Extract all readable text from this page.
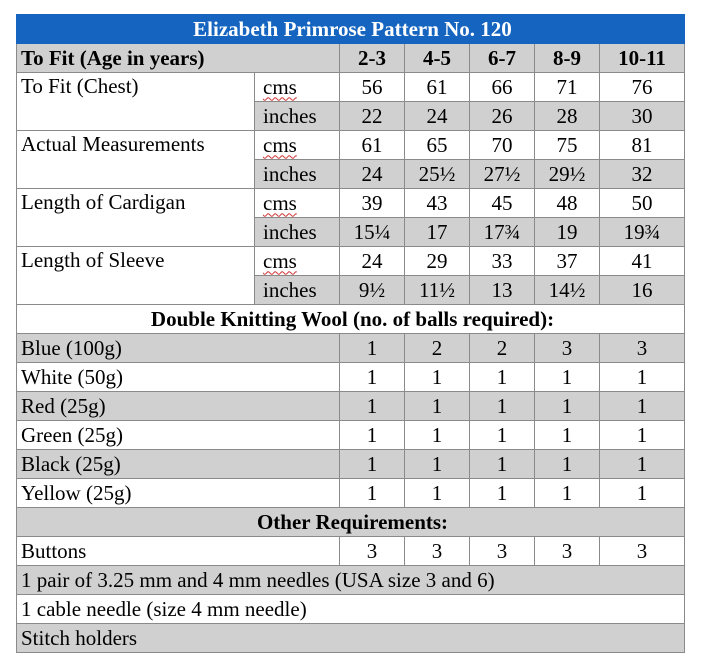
Elizabeth Primrose Pattern No. 120						
To Fit (Age in years)		2-3	4-5	6-7	8-9	10-11
To Fit (Chest)	cms	56	61	66	71	76
	inches	22	24	26	28	30
Actual Measurements	cms	61	65	70	75	81
	inches	24	25½	27½	29½	32
Length of Cardigan	cms	39	43	45	48	50
	inches	15¼	17	17¾	19	19¾
Length of Sleeve	cms	24	29	33	37	41
	inches	9½	11½	13	14½	16
Double Knitting Wool (no. of balls required):						
Blue (100g)		1	2	2	3	3
White (50g)		1	1	1	1	1
Red (25g)		1	1	1	1	1
Green (25g)		1	1	1	1	1
Black (25g)		1	1	1	1	1
Yellow (25g)		1	1	1	1	1
Other Requirements:						
Buttons		3	3	3	3	3
1 pair of 3.25 mm and 4 mm needles (USA size 3 and 6)						
1 cable needle (size 4 mm needle)						
Stitch holders						
